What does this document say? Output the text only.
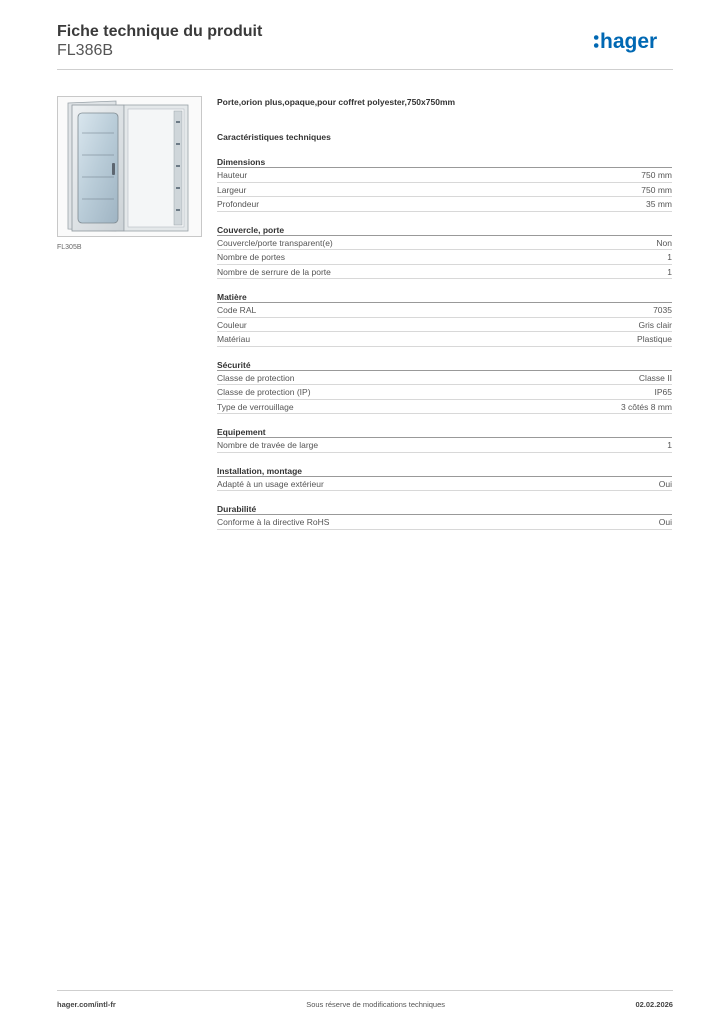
Fiche technique du produit
FL386B	hager
FL305B
Porte,orion plus,opaque,pour coffret polyester,750x750mm
Caractéristiques techniques
Dimensions
Hauteur	750 mm
Largeur	750 mm
Profondeur	35 mm
Couvercle, porte
Couvercle/porte transparent(e)	Non
Nombre de portes	1
Nombre de serrure de la porte	1
Matière
Code RAL	7035
Couleur	Gris clair
Matériau	Plastique
Sécurité
Classe de protection	Classe II
Classe de protection (IP)	IP65
Type de verrouillage	3 côtés 8 mm
Equipement
Nombre de travée de large	1
Installation, montage
Adapté à un usage extérieur	Oui
Durabilité
Conforme à la directive RoHS	Oui
hager.com/intl-fr	Sous réserve de modifications techniques	02.02.2026
